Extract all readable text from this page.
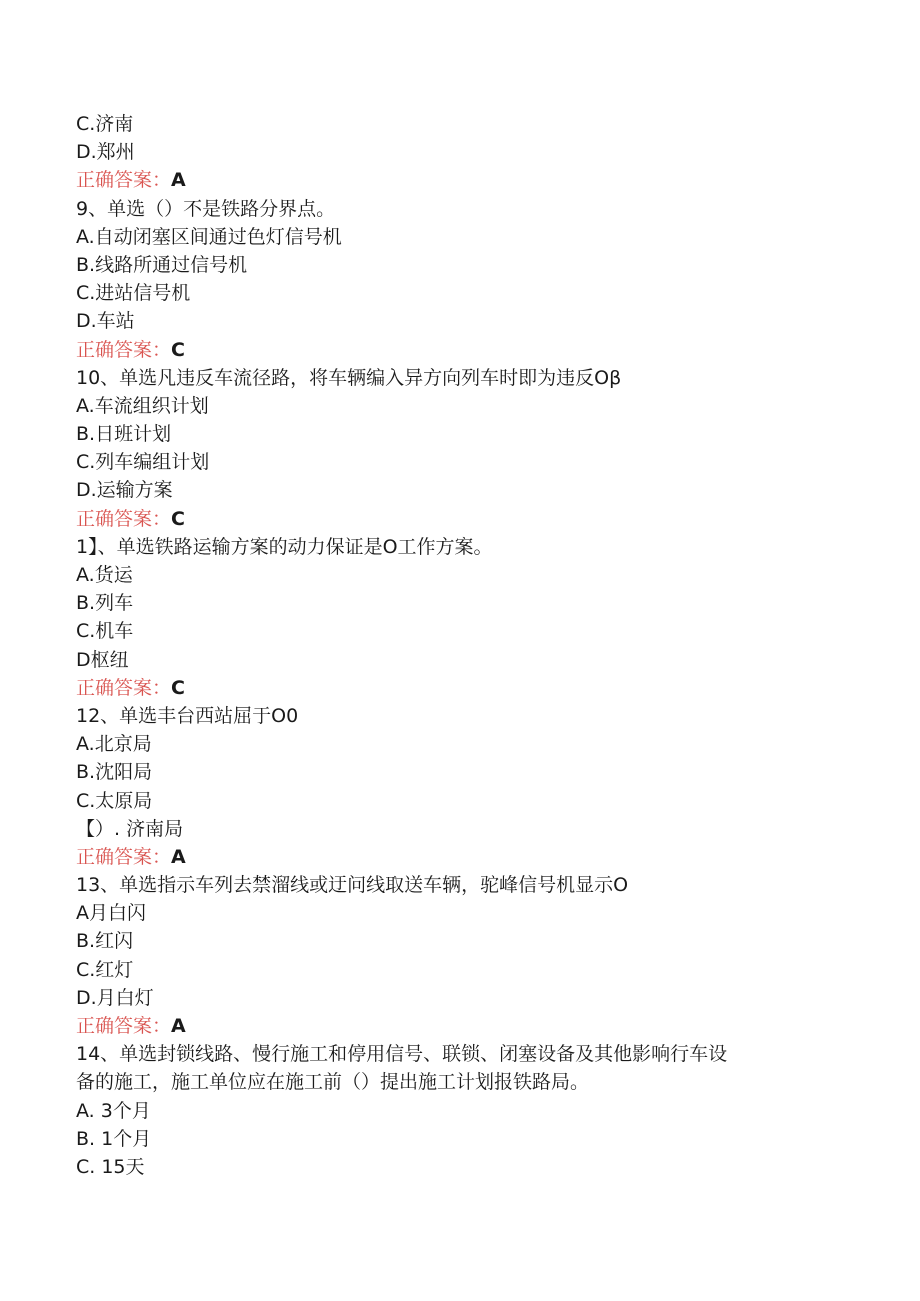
C.济南
D.郑州
正确答案：A
9、单选（）不是铁路分界点。
A.自动闭塞区间通过色灯信号机
B.线路所通过信号机
C.进站信号机
D.车站
正确答案：C
10、单选凡违反车流径路，将车辆编入异方向列车时即为违反Oβ
A.车流组织计划
B.日班计划
C.列车编组计划
D.运输方案
正确答案：C
1】、单选铁路运输方案的动力保证是O工作方案。
A.货运
B.列车
C.机车
D枢纽
正确答案：C
12、单选丰台西站屈于O0
A.北京局
B.沈阳局
C.太原局
【）. 济南局
正确答案：A
13、单选指示车列去禁溜线或迂问线取送车辆，驼峰信号机显示O
A月白闪
B.红闪
C.红灯
D.月白灯
正确答案：A
14、单选封锁线路、慢行施工和停用信号、联锁、闭塞设备及其他影响行车设
备的施工，施工单位应在施工前（）提出施工计划报铁路局。
A. 3个月
B. 1个月
C. 15天
